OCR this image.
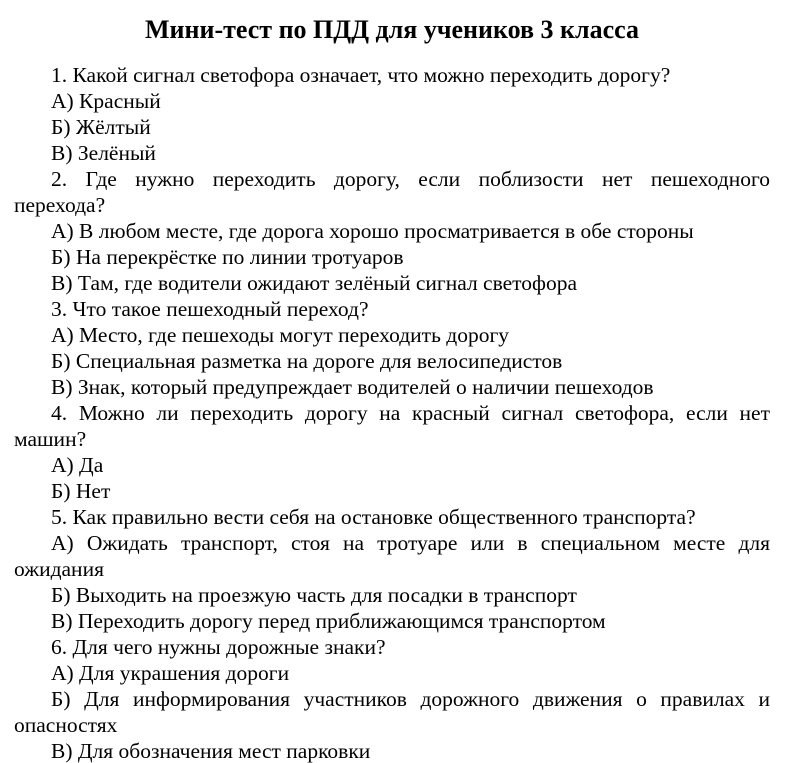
Мини-тест по ПДД для учеников 3 класса
1. Какой сигнал светофора означает, что можно переходить дорогу?
А) Красный
Б) Жёлтый
В) Зелёный
2. Где нужно переходить дорогу, если поблизости нет пешеходного
перехода?
А) В любом месте, где дорога хорошо просматривается в обе стороны
Б) На перекрёстке по линии тротуаров
В) Там, где водители ожидают зелёный сигнал светофора
3. Что такое пешеходный переход?
А) Место, где пешеходы могут переходить дорогу
Б) Специальная разметка на дороге для велосипедистов
В) Знак, который предупреждает водителей о наличии пешеходов
4. Можно ли переходить дорогу на красный сигнал светофора, если нет
машин?
А) Да
Б) Нет
5. Как правильно вести себя на остановке общественного транспорта?
А) Ожидать транспорт, стоя на тротуаре или в специальном месте для
ожидания
Б) Выходить на проезжую часть для посадки в транспорт
В) Переходить дорогу перед приближающимся транспортом
6. Для чего нужны дорожные знаки?
А) Для украшения дороги
Б) Для информирования участников дорожного движения о правилах и
опасностях
В) Для обозначения мест парковки
